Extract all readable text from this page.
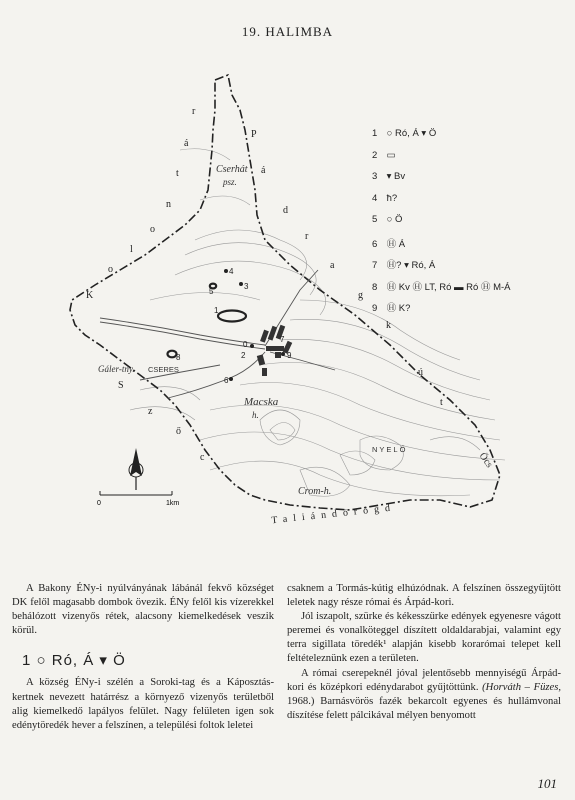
19. HALIMBA
4
3
5
1
0
2
7
9
6
8
Cserhát
psz.
Gáler-tny. CSERES
Macska
h.
NYELŐ
Crom-h.
Öcs
r
á
t
n
o
l
o
K
P
á
d
r
a
g
k
ú
t
S
z
ő
c
Taliándörögd
0	1km
1 ○ Ró, Á ▾ Ö
2 ▭
3 ▾ Bv
4 ħ?
5 ○ Ö
6 Ⓗ Á
7 Ⓗ? ▾ Ró, Á
8 Ⓗ Kv Ⓗ LT, Ró ▬ Ró Ⓗ M-Á
9 Ⓗ K?

A Bakony ÉNy-i nyúlványának lábánál fekvő községet DK felől magasabb dombok övezik. ÉNy felől kis vízerekkel behálózott vizenyős rétek, alacsony kiemelkedések veszik körül.

1 ○ Ró, Á ▾ Ö

A község ÉNy-i szélén a Soroki-tag és a Káposztás-kertnek nevezett határrész a környező vizenyős területből alig kiemelkedő lapályos felület. Nagy felületen igen sok edénytöredék hever a felszínen, a települési foltok leletei

csaknem a Tormás-kútig elhúzódnak. A felszínen összegyűjtött leletek nagy része római és Árpád-kori.

Jól iszapolt, szürke és kékesszürke edények egyenesre vágott peremei és vonalköteggel díszített oldaldarabjai, valamint egy terra sigillata töredék¹ alapján kisebb korarómai telepet kell feltételeznünk ezen a területen.

A római cserepeknél jóval jelentősebb mennyiségű Árpád-kori és középkori edénydarabot gyűjtöttünk. (Horváth – Füzes, 1968.) Barnásvörös fazék bekarcolt egyenes és hullámvonal díszítése felett pálcikával mélyen benyomott

101
